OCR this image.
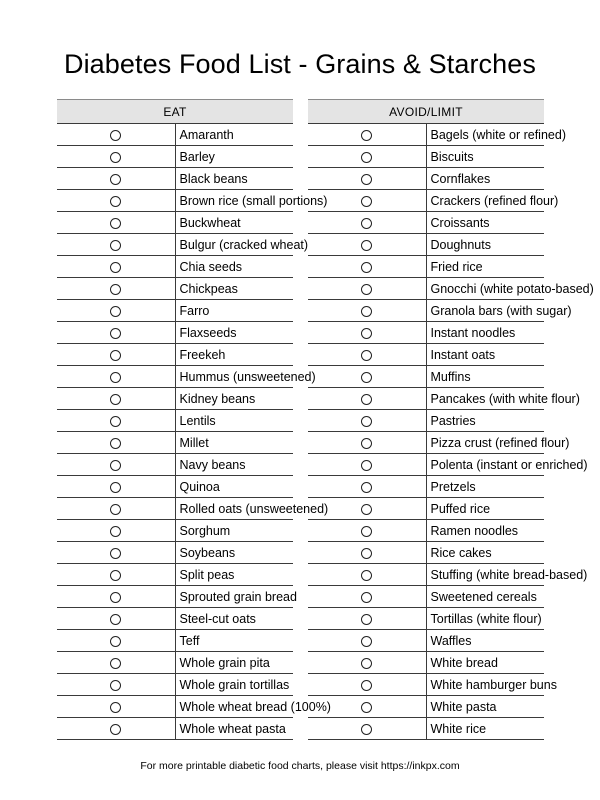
Diabetes Food List - Grains & Starches
EAT	
	Amaranth
	Barley
	Black beans
	Brown rice (small portions)
	Buckwheat
	Bulgur (cracked wheat)
	Chia seeds
	Chickpeas
	Farro
	Flaxseeds
	Freekeh
	Hummus (unsweetened)
	Kidney beans
	Lentils
	Millet
	Navy beans
	Quinoa
	Rolled oats (unsweetened)
	Sorghum
	Soybeans
	Split peas
	Sprouted grain bread
	Steel-cut oats
	Teff
	Whole grain pita
	Whole grain tortillas
	Whole wheat bread (100%)
	Whole wheat pasta
AVOID/LIMIT	
	Bagels (white or refined)
	Biscuits
	Cornflakes
	Crackers (refined flour)
	Croissants
	Doughnuts
	Fried rice
	Gnocchi (white potato-based)
	Granola bars (with sugar)
	Instant noodles
	Instant oats
	Muffins
	Pancakes (with white flour)
	Pastries
	Pizza crust (refined flour)
	Polenta (instant or enriched)
	Pretzels
	Puffed rice
	Ramen noodles
	Rice cakes
	Stuffing (white bread-based)
	Sweetened cereals
	Tortillas (white flour)
	Waffles
	White bread
	White hamburger buns
	White pasta
	White rice
For more printable diabetic food charts, please visit https://inkpx.com
